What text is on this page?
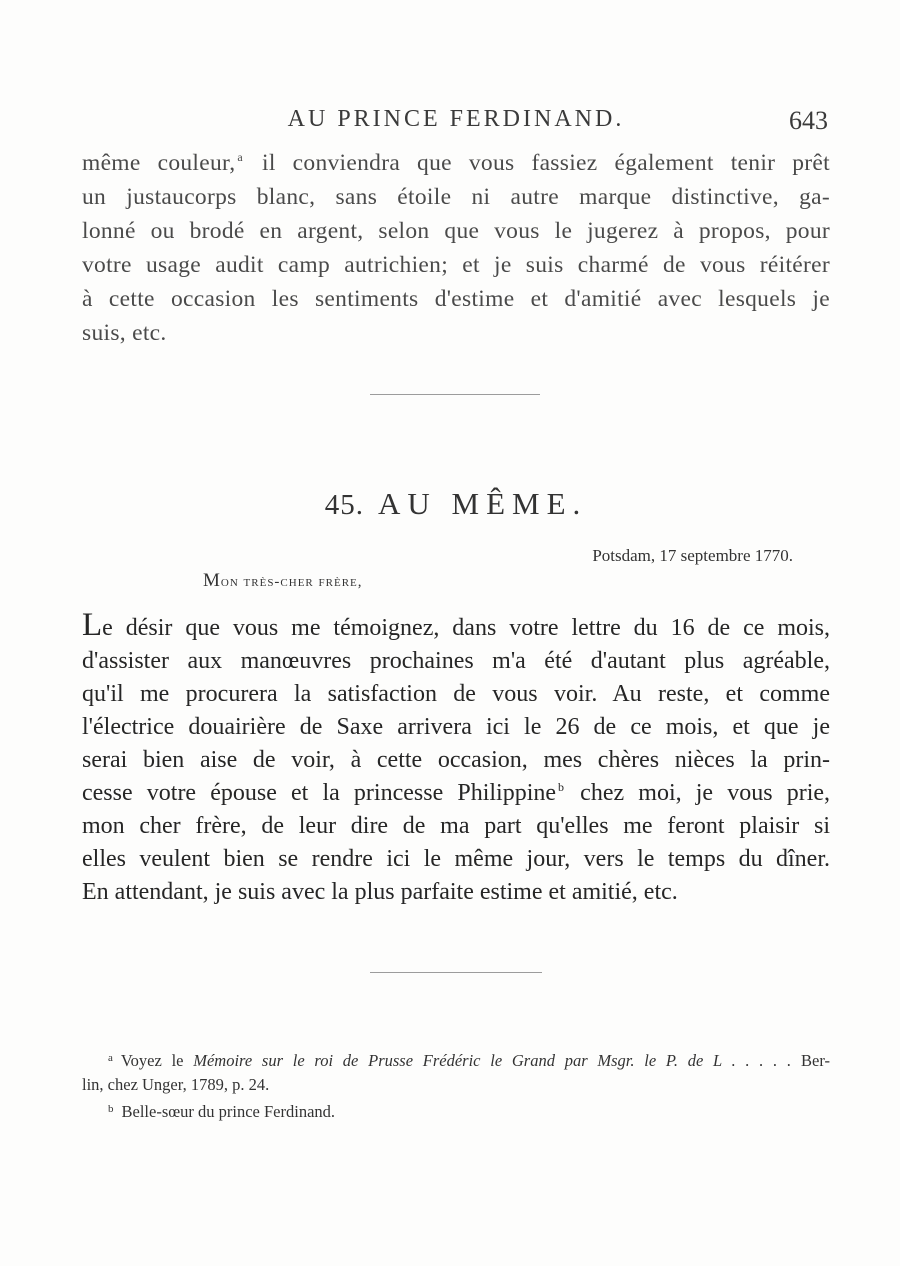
AU PRINCE FERDINAND.	643
même couleur, $^a$ il conviendra que vous fassiez également tenir prêt
un justaucorps blanc, sans étoile ni autre marque distinctive, ga-
lonné ou brodé en argent, selon que vous le jugerez à propos, pour
votre usage audit camp autrichien; et je suis charmé de vous réitérer
à cette occasion les sentiments d'estime et d'amitié avec lesquels je
suis, etc.
45. AU MÊME.
Potsdam, 17 septembre 1770.
Mon très-cher frère,
Le désir que vous me témoignez, dans votre lettre du 16 de ce mois,
d'assister aux manœuvres prochaines m'a été d'autant plus agréable,
qu'il me procurera la satisfaction de vous voir. Au reste, et comme
l'électrice douairière de Saxe arrivera ici le 26 de ce mois, et que je
serai bien aise de voir, à cette occasion, mes chères nièces la prin-
cesse votre épouse et la princesse Philippine $^b$ chez moi, je vous prie,
mon cher frère, de leur dire de ma part qu'elles me feront plaisir si
elles veulent bien se rendre ici le même jour, vers le temps du dîner.
En attendant, je suis avec la plus parfaite estime et amitié, etc.
$^a$ Voyez le Mémoire sur le roi de Prusse Frédéric le Grand par Msgr. le P. de L . . . . . Ber-
lin, chez Unger, 1789, p. 24.
$^b$ Belle-sœur du prince Ferdinand.
